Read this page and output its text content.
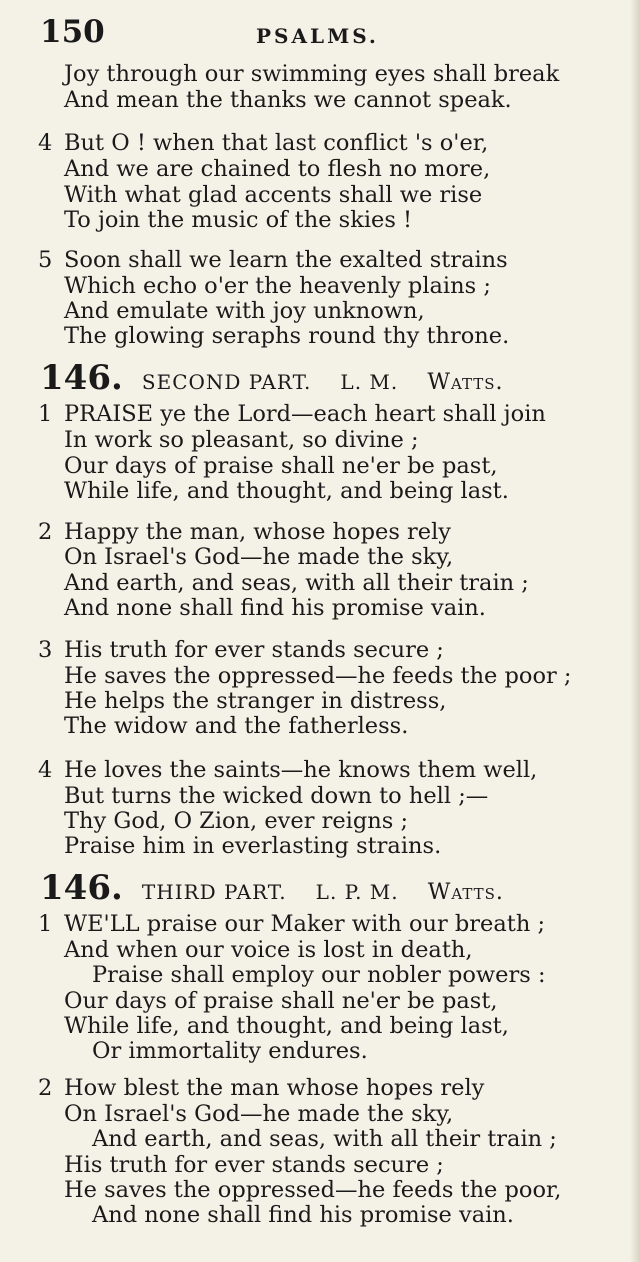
150	PSALMS.
Joy through our swimming eyes shall break
And mean the thanks we cannot speak.
4 But O ! when that last conflict 's o'er,
And we are chained to flesh no more,
With what glad accents shall we rise
To join the music of the skies !
5 Soon shall we learn the exalted strains
Which echo o'er the heavenly plains ;
And emulate with joy unknown,
The glowing seraphs round thy throne.
146. SECOND PART. L. M. Watts.
1 PRAISE ye the Lord—each heart shall join
In work so pleasant, so divine ;
Our days of praise shall ne'er be past,
While life, and thought, and being last.
2 Happy the man, whose hopes rely
On Israel's God—he made the sky,
And earth, and seas, with all their train ;
And none shall find his promise vain.
3 His truth for ever stands secure ;
He saves the oppressed—he feeds the poor ;
He helps the stranger in distress,
The widow and the fatherless.
4 He loves the saints—he knows them well,
But turns the wicked down to hell ;—
Thy God, O Zion, ever reigns ;
Praise him in everlasting strains.
146. THIRD PART. L. P. M. Watts.
1 WE'LL praise our Maker with our breath ;
And when our voice is lost in death,
Praise shall employ our nobler powers :
Our days of praise shall ne'er be past,
While life, and thought, and being last,
Or immortality endures.
2 How blest the man whose hopes rely
On Israel's God—he made the sky,
And earth, and seas, with all their train ;
His truth for ever stands secure ;
He saves the oppressed—he feeds the poor,
And none shall find his promise vain.
